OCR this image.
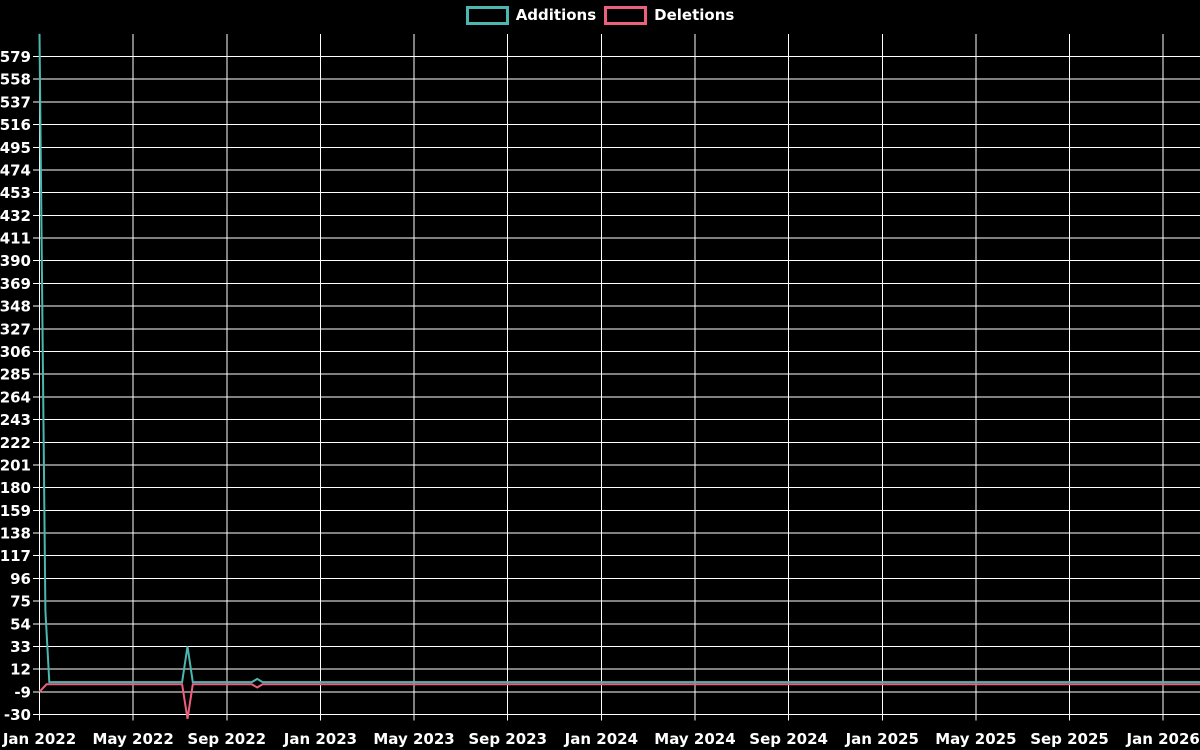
Additions	Deletions
-30
-9
12
33
54
75
96
117
138
159
180
201
222
243
264
285
306
327
348
369
390
411
432
453
474
495
516
537
558
579
Jan 2022 May 2022 Sep 2022 Jan 2023 May 2023 Sep 2023 Jan 2024 May 2024 Sep 2024 Jan 2025 May 2025 Sep 2025 Jan 2026
